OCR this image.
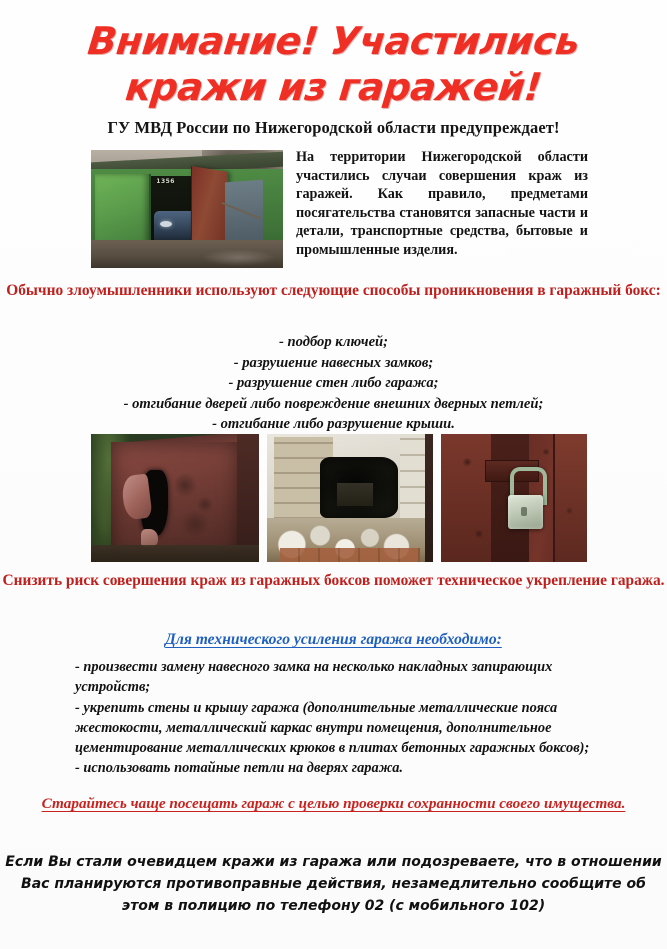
Внимание! Участились
кражи из гаражей!
ГУ МВД России по Нижегородской области предупреждает!
1356
На территории Нижегородской области участились случаи совершения краж из гаражей. Как правило, предметами посягательства становятся запасные части и детали, транспортные средства, бытовые и промышленные изделия.
Обычно злоумышленники используют следующие способы проникновения в гаражный бокс:
- подбор ключей;
- разрушение навесных замков;
- разрушение стен либо гаража;
- отгибание дверей либо повреждение внешних дверных петлей;
- отгибание либо разрушение крыши.
Снизить риск совершения краж из гаражных боксов поможет техническое укрепление гаража.
Для технического усиления гаража необходимо:

- произвести замену навесного замка на несколько накладных запирающих устройств;

- укрепить стены и крышу гаража (дополнительные металлические пояса жестокости, металлический каркас внутри помещения, дополнительное цементирование металлических крюков в плитах бетонных гаражных боксов);

- использовать потайные петли на дверях гаража.

Старайтесь чаще посещать гараж с целью проверки сохранности своего имущества.
Если Вы стали очевидцем кражи из гаража или подозреваете, что в отношении Вас планируются противоправные действия, незамедлительно сообщите об этом в полицию по телефону 02 (с мобильного 102)
